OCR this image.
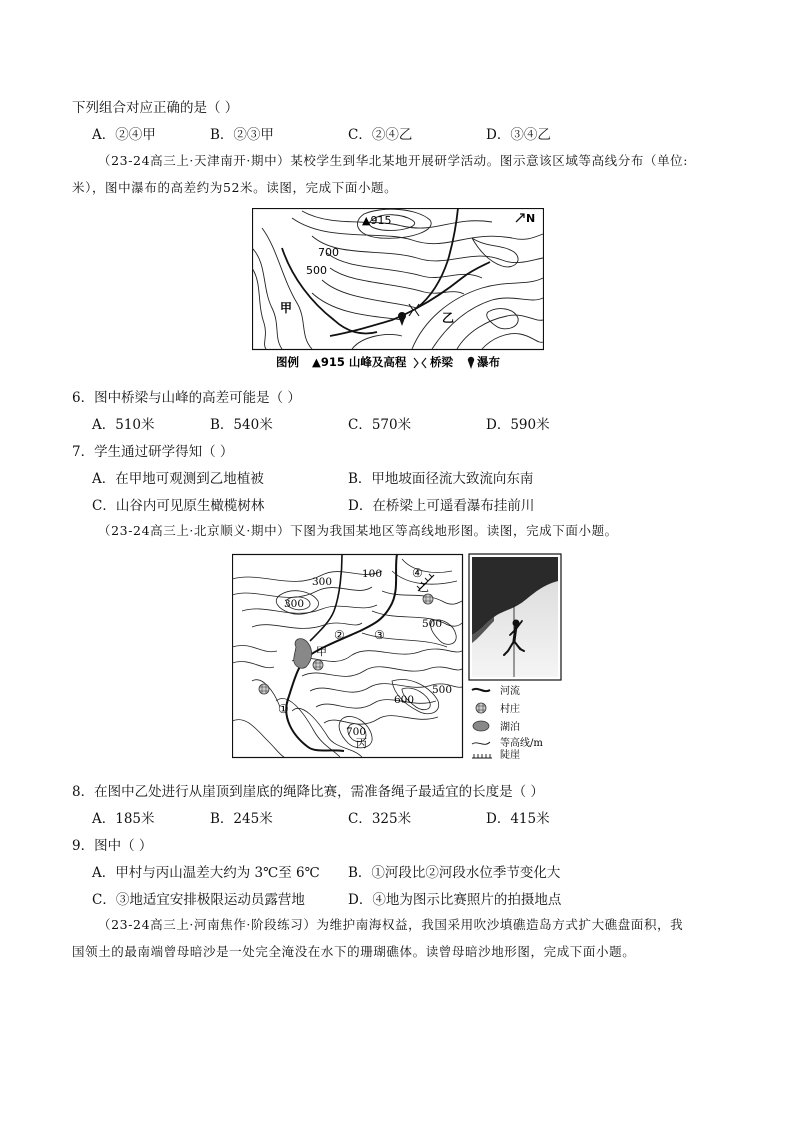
下列组合对应正确的是（ ）
A．②④甲	B．②③甲	C．②④乙	D．③④乙
（23-24高三上·天津南开·期中）某校学生到华北某地开展研学活动。图示意该区域等高线分布（单位:
米），图中瀑布的高差约为52米。读图，完成下面小题。
▲915
700
500
甲
乙
N
图例 ▲915 山峰及高程 桥梁 瀑布
6．图中桥梁与山峰的高差可能是（ ）
A．510米	B．540米	C．570米	D．590米
7．学生通过研学得知（ ）
A．在甲地可观测到乙地植被	B．甲地坡面径流大致流向东南
C．山谷内可见原生橄榄树林	D．在桥梁上可遥看瀑布挂前川
（23-24高三上·北京顺义·期中）下图为我国某地区等高线地形图。读图，完成下面小题。
300
100
300
500
500
600
700
④
② ③
①
甲
乙
丙
河流
村庄
湖泊
等高线/m
陡崖
8．在图中乙处进行从崖顶到崖底的绳降比赛，需准备绳子最适宜的长度是（ ）
A．185米	B．245米	C．325米	D．415米
9．图中（ ）
A．甲村与丙山温差大约为 3℃至 6℃ B．①河段比②河段水位季节变化大
C．③地适宜安排极限运动员露营地	D．④地为图示比赛照片的拍摄地点
（23-24高三上·河南焦作·阶段练习）为维护南海权益，我国采用吹沙填礁造岛方式扩大礁盘面积，我
国领土的最南端曾母暗沙是一处完全淹没在水下的珊瑚礁体。读曾母暗沙地形图，完成下面小题。
